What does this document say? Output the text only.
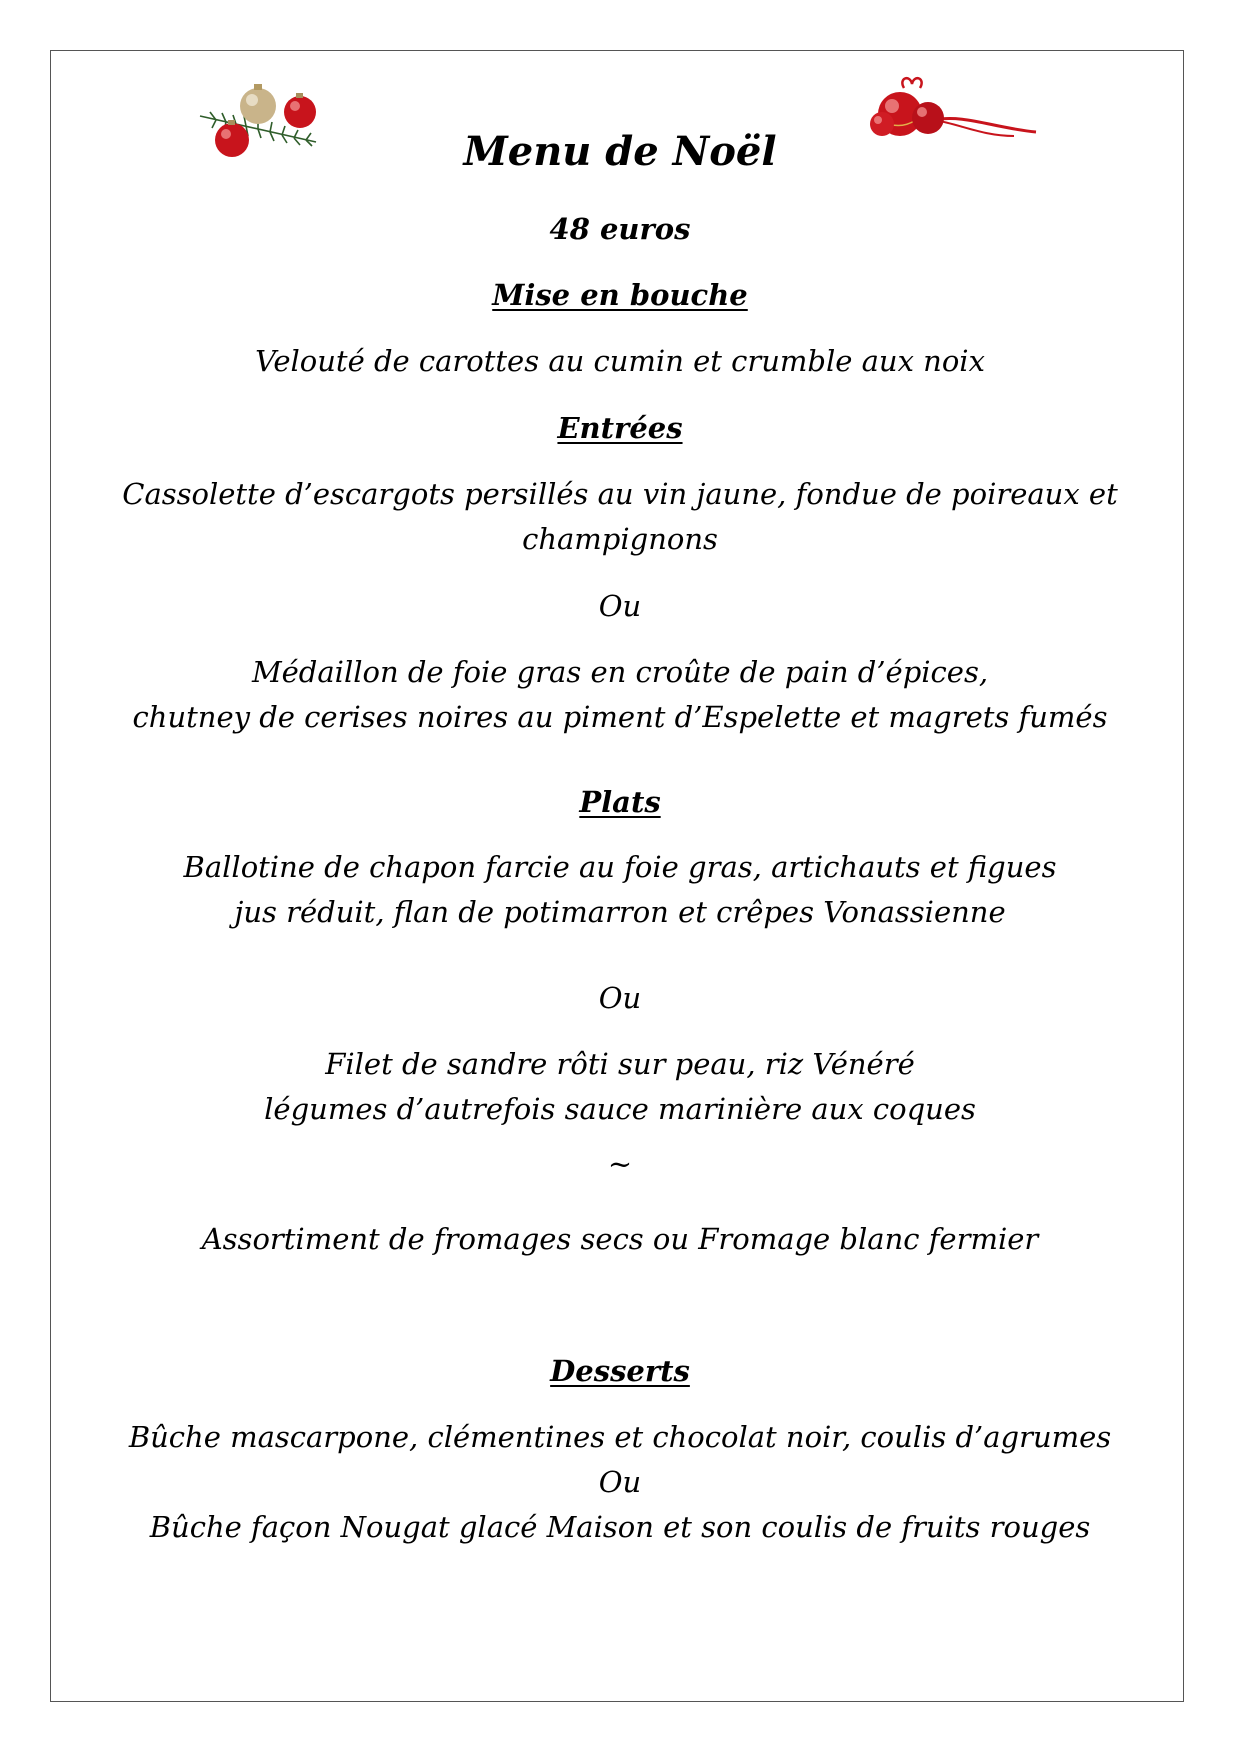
Menu de Noël

48 euros

Mise en bouche

Velouté de carottes au cumin et crumble aux noix

Entrées

Cassolette d’escargots persillés au vin jaune, fondue de poireaux et

champignons

Ou

Médaillon de foie gras en croûte de pain d’épices,

chutney de cerises noires au piment d’Espelette et magrets fumés

Plats

Ballotine de chapon farcie au foie gras, artichauts et figues

jus réduit, flan de potimarron et crêpes Vonassienne

Ou

Filet de sandre rôti sur peau, riz Vénéré

légumes d’autrefois sauce marinière aux coques

~

Assortiment de fromages secs ou Fromage blanc fermier

Desserts

Bûche mascarpone, clémentines et chocolat noir, coulis d’agrumes

Ou

Bûche façon Nougat glacé Maison et son coulis de fruits rouges
